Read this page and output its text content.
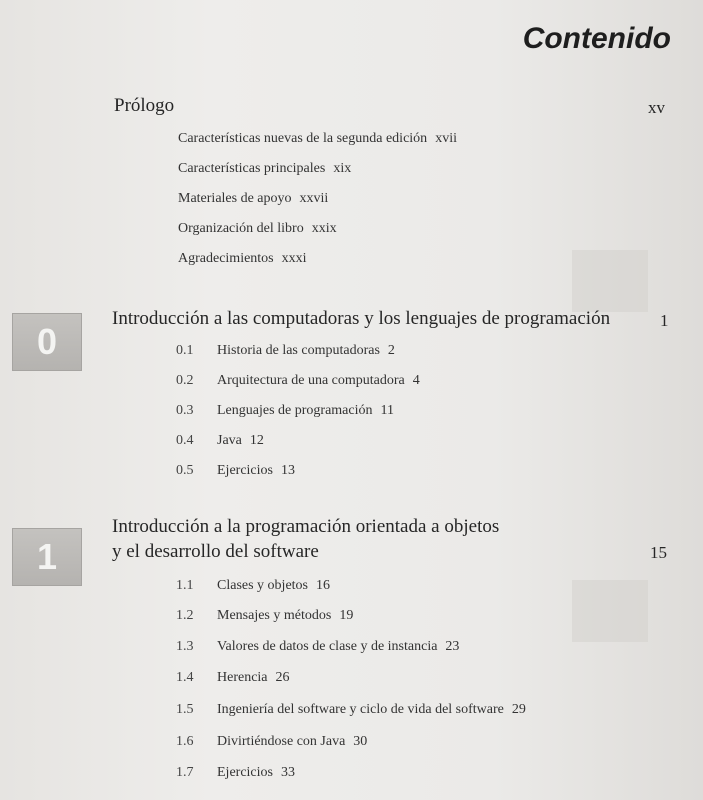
Contenido
Prólogo	xv
Características nuevas de la segunda edición xvii
Características principales xix
Materiales de apoyo xxvii
Organización del libro xxix
Agradecimientos xxxi
0
Introducción a las computadoras y los lenguajes de programación	1
0.1 Historia de las computadoras 2
0.2 Arquitectura de una computadora 4
0.3 Lenguajes de programación 11
0.4 Java 12
0.5 Ejercicios 13
1
Introducción a la programación orientada a objetos
y el desarrollo del software	15
1.1 Clases y objetos 16
1.2 Mensajes y métodos 19
1.3 Valores de datos de clase y de instancia 23
1.4 Herencia 26
1.5 Ingeniería del software y ciclo de vida del software 29
1.6 Divirtiéndose con Java 30
1.7 Ejercicios 33
